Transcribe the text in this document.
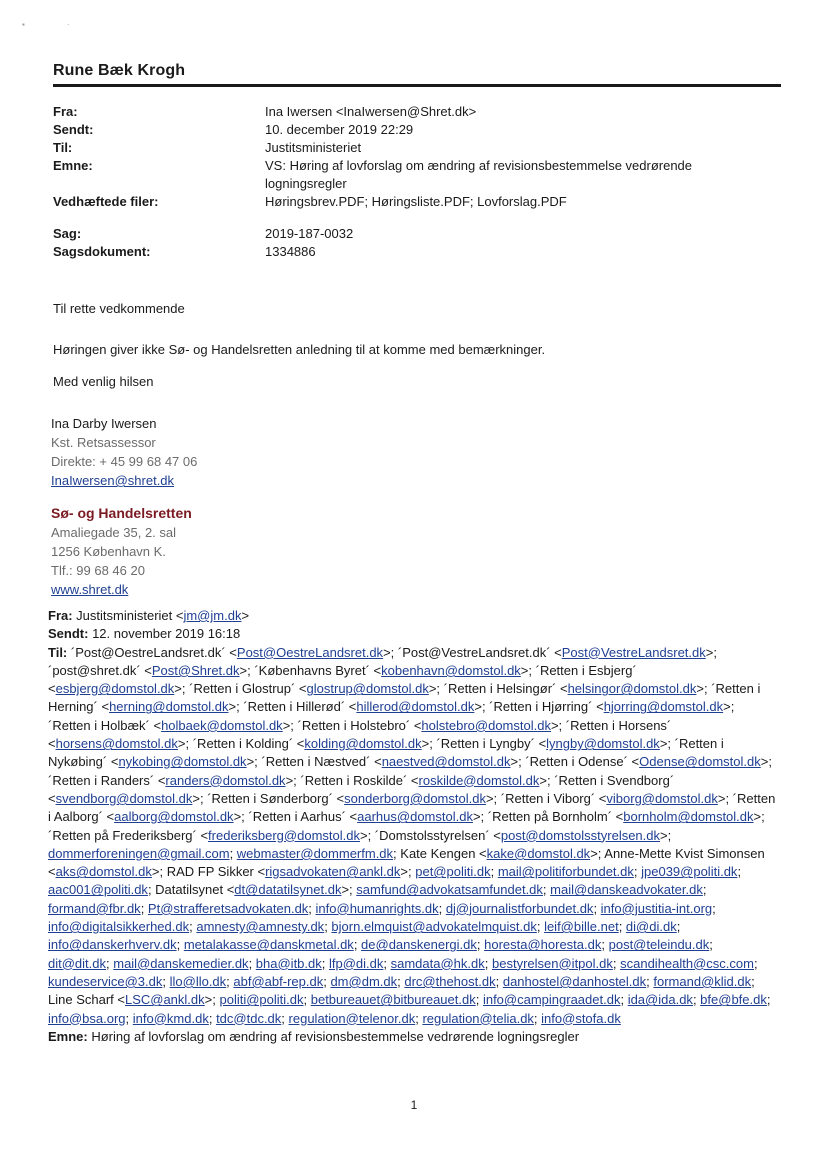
▪	·
Rune Bæk Krogh
Fra:	Ina Iwersen <InaIwersen@Shret.dk>
Sendt:	10. december 2019 22:29
Til:	Justitsministeriet
Emne:	VS: Høring af lovforslag om ændring af revisionsbestemmelse vedrørende logningsregler
Vedhæftede filer:	Høringsbrev.PDF; Høringsliste.PDF; Lovforslag.PDF
Sag:	2019-187-0032
Sagsdokument:	1334886

Til rette vedkommende

Høringen giver ikke Sø- og Handelsretten anledning til at komme med bemærkninger.

Med venlig hilsen

Ina Darby Iwersen
Kst. Retsassessor
Direkte: + 45 99 68 47 06
InaIwersen@shret.dk
Sø- og Handelsretten
Amaliegade 35, 2. sal
1256 København K.
Tlf.: 99 68 46 20
www.shret.dk
Fra: Justitsministeriet <jm@jm.dk>
Sendt: 12. november 2019 16:18
Til: ´Post@OestreLandsret.dk´ <Post@OestreLandsret.dk>; ´Post@VestreLandsret.dk´ <Post@VestreLandsret.dk>; ´post@shret.dk´ <Post@Shret.dk>; ´Københavns Byret´ <kobenhavn@domstol.dk>; ´Retten i Esbjerg´ <esbjerg@domstol.dk>; ´Retten i Glostrup´ <glostrup@domstol.dk>; ´Retten i Helsingør´ <helsingor@domstol.dk>; ´Retten i Herning´ <herning@domstol.dk>; ´Retten i Hillerød´ <hillerod@domstol.dk>; ´Retten i Hjørring´ <hjorring@domstol.dk>; ´Retten i Holbæk´ <holbaek@domstol.dk>; ´Retten i Holstebro´ <holstebro@domstol.dk>; ´Retten i Horsens´ <horsens@domstol.dk>; ´Retten i Kolding´ <kolding@domstol.dk>; ´Retten i Lyngby´ <lyngby@domstol.dk>; ´Retten i Nykøbing´ <nykobing@domstol.dk>; ´Retten i Næstved´ <naestved@domstol.dk>; ´Retten i Odense´ <Odense@domstol.dk>; ´Retten i Randers´ <randers@domstol.dk>; ´Retten i Roskilde´ <roskilde@domstol.dk>; ´Retten i Svendborg´ <svendborg@domstol.dk>; ´Retten i Sønderborg´ <sonderborg@domstol.dk>; ´Retten i Viborg´ <viborg@domstol.dk>; ´Retten i Aalborg´ <aalborg@domstol.dk>; ´Retten i Aarhus´ <aarhus@domstol.dk>; ´Retten på Bornholm´ <bornholm@domstol.dk>; ´Retten på Frederiksberg´ <frederiksberg@domstol.dk>; ´Domstolsstyrelsen´ <post@domstolsstyrelsen.dk>; dommerforeningen@gmail.com; webmaster@dommerfm.dk; Kate Kengen <kake@domstol.dk>; Anne-Mette Kvist Simonsen <aks@domstol.dk>; RAD FP Sikker <rigsadvokaten@ankl.dk>; pet@politi.dk; mail@politiforbundet.dk; jpe039@politi.dk; aac001@politi.dk; Datatilsynet <dt@datatilsynet.dk>; samfund@advokatsamfundet.dk; mail@danskeadvokater.dk; formand@fbr.dk; Pt@strafferetsadvokaten.dk; info@humanrights.dk; dj@journalistforbundet.dk; info@justitia-int.org; info@digitalsikkerhed.dk; amnesty@amnesty.dk; bjorn.elmquist@advokatelmquist.dk; leif@bille.net; di@di.dk; info@danskerhverv.dk; metalakasse@danskmetal.dk; de@danskenergi.dk; horesta@horesta.dk; post@teleindu.dk; dit@dit.dk; mail@danskemedier.dk; bha@itb.dk; lfp@di.dk; samdata@hk.dk; bestyrelsen@itpol.dk; scandihealth@csc.com; kundeservice@3.dk; llo@llo.dk; abf@abf-rep.dk; dm@dm.dk; drc@thehost.dk; danhostel@danhostel.dk; formand@klid.dk; Line Scharf <LSC@ankl.dk>; politi@politi.dk; betbureauet@bitbureauet.dk; info@campingraadet.dk; ida@ida.dk; bfe@bfe.dk; info@bsa.org; info@kmd.dk; tdc@tdc.dk; regulation@telenor.dk; regulation@telia.dk; info@stofa.dk
Emne: Høring af lovforslag om ændring af revisionsbestemmelse vedrørende logningsregler
1
